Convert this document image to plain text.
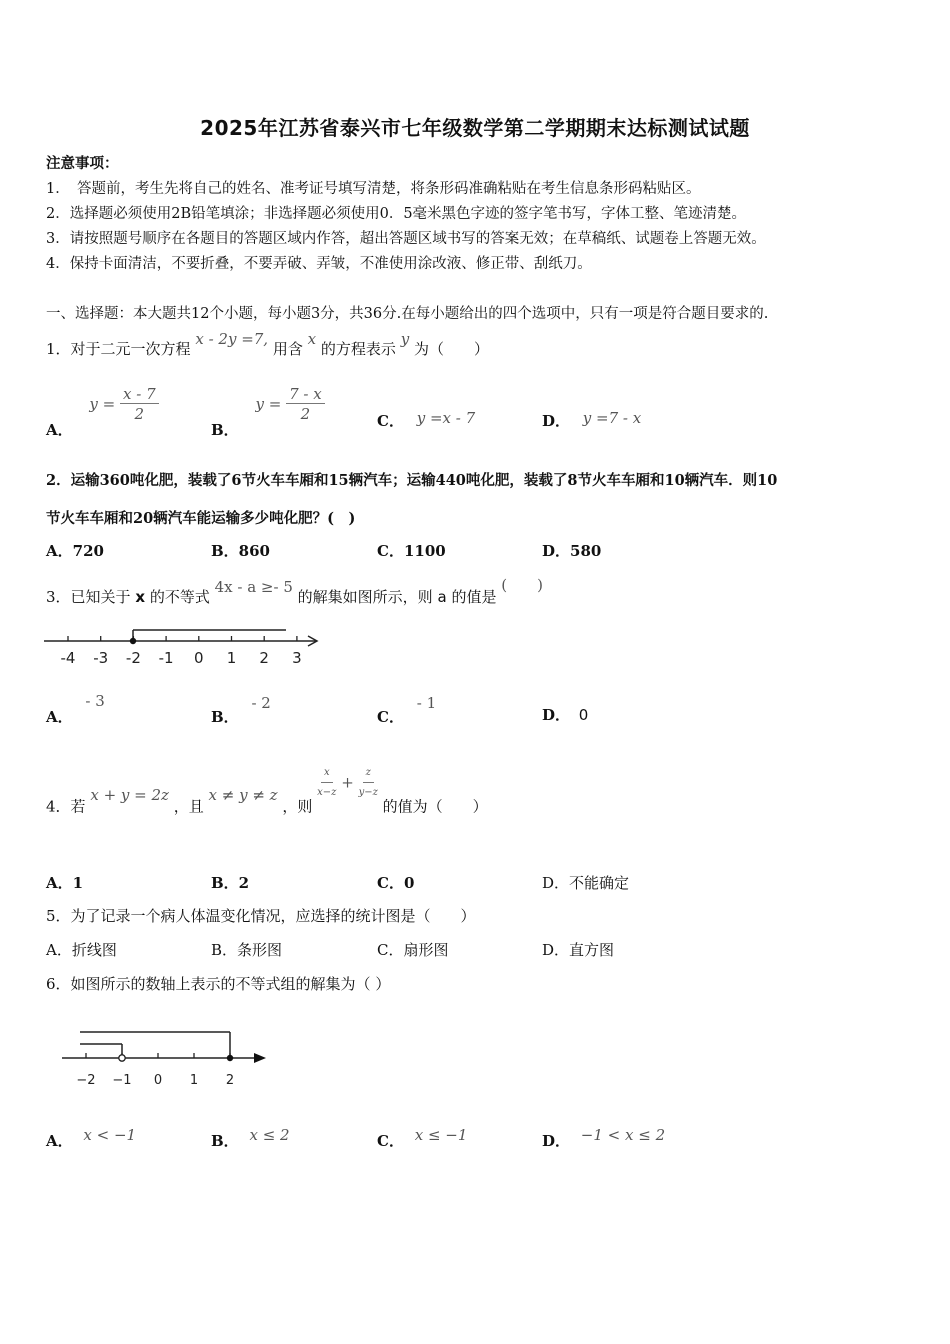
2025年江苏省泰兴市七年级数学第二学期期末达标测试试题
注意事项：
1．　答题前，考生先将自己的姓名、准考证号填写清楚，将条形码准确粘贴在考生信息条形码粘贴区。
2．选择题必须使用2B铅笔填涂；非选择题必须使用0．5毫米黑色字迹的签字笔书写，字体工整、笔迹清楚。
3．请按照题号顺序在各题目的答题区域内作答，超出答题区域书写的答案无效；在草稿纸、试题卷上答题无效。
4．保持卡面清洁，不要折叠，不要弄破、弄皱，不准使用涂改液、修正带、刮纸刀。
一、选择题：本大题共12个小题，每小题3分，共36分.在每小题给出的四个选项中，只有一项是符合题目要求的.
1．对于二元一次方程 x - 2y =7, 用含 x 的方程表示 y 为（　　）
A． $y = \frac{x - 7}{2}$
B． $y = \frac{7 - x}{2}$	C． y =x - 7	D． y =7 - x
2．运输360吨化肥，装载了6节火车车厢和15辆汽车；运输440吨化肥，装载了8节火车车厢和10辆汽车．则10
节火车车厢和20辆汽车能运输多少吨化肥？(　)
A．720	B．860	C．1100	D．580
3．已知关于 x 的不等式 4x - a ≥- 5 的解集如图所示，则 a 的值是 (　　)
-4 -3 -2 -1 0 1 2 3
A． - 3
B． - 2
C． - 1
D． 0
4．若 x + y = 2z ，且 x ≠ y ≠ z ，则
$\frac{x}{x-z} + \frac{z}{y-z}$
的值为（　　）
A．1	B．2	C．0	D．不能确定
5．为了记录一个病人体温变化情况，应选择的统计图是（　　）
A．折线图	B．条形图	C．扇形图	D．直方图
6．如图所示的数轴上表示的不等式组的解集为（ ）
−2 −1 0 1 2
A． x < −1	B． x ≤ 2	C． x ≤ −1	D． −1 < x ≤ 2
